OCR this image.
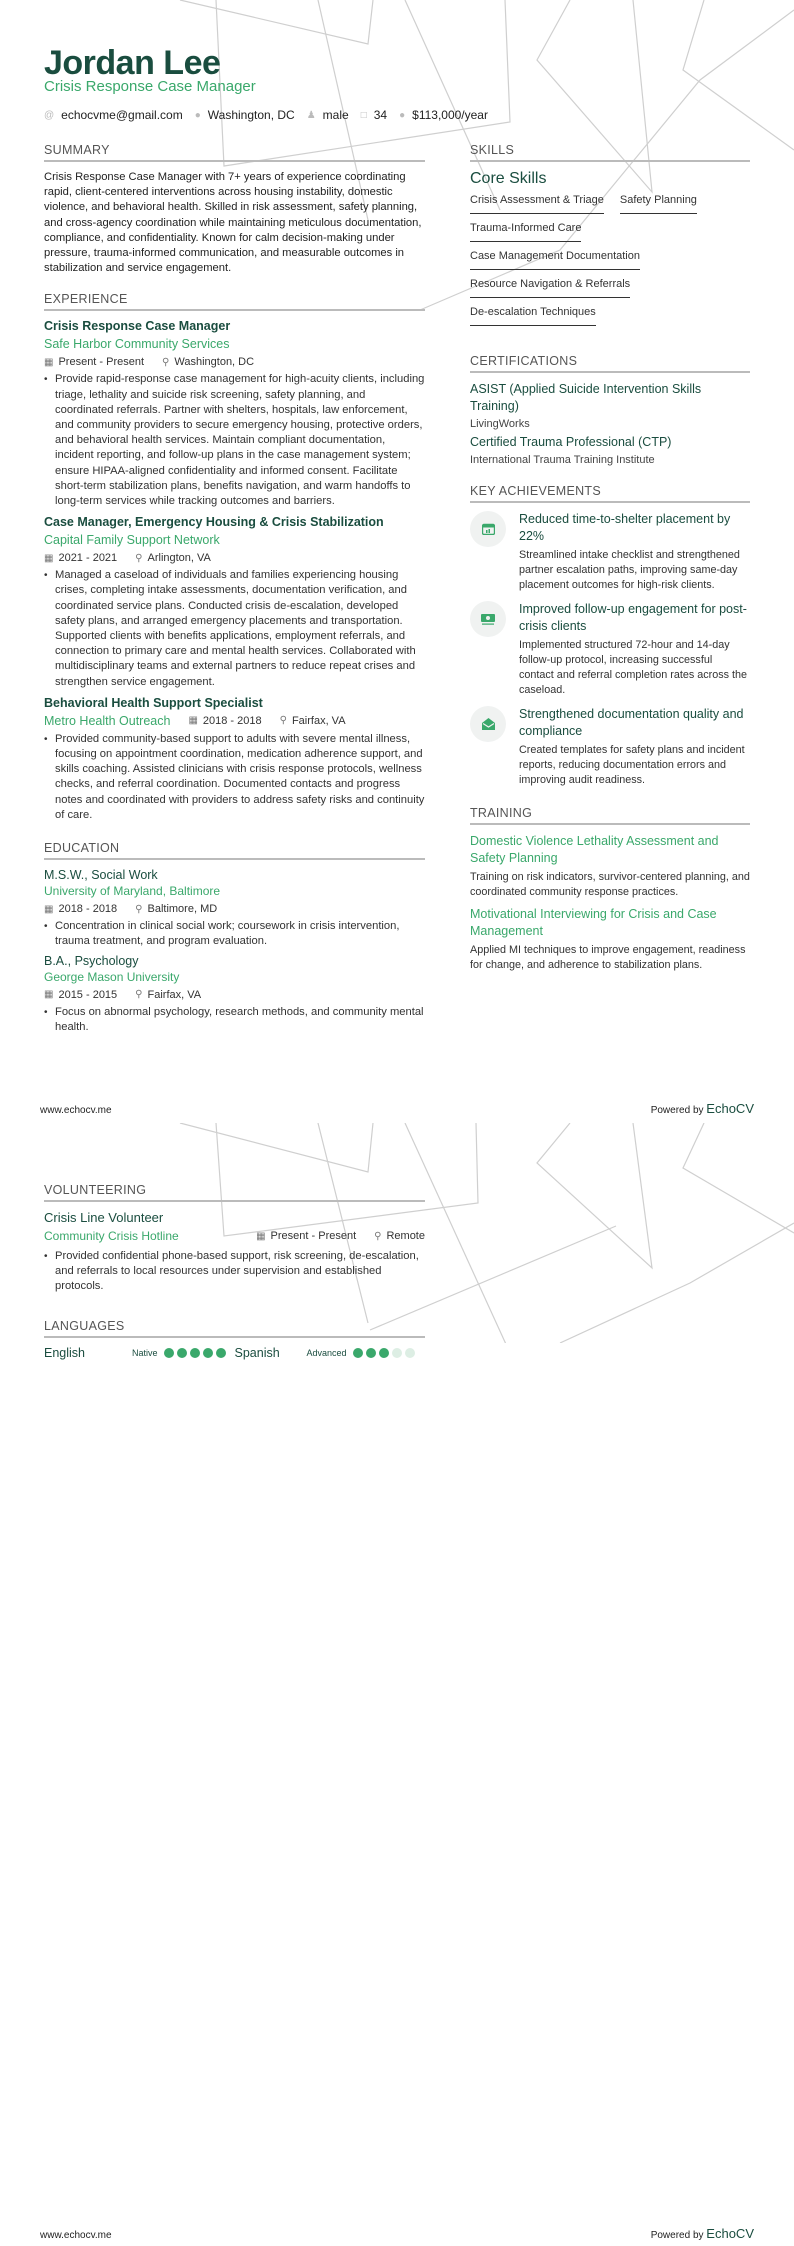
Jordan Lee
Crisis Response Case Manager
@ echocvme@gmail.com ● Washington, DC ♟ male □ 34 ● $113,000/year
SUMMARY
Crisis Response Case Manager with 7+ years of experience coordinating rapid, client-centered interventions across housing instability, domestic violence, and behavioral health. Skilled in risk assessment, safety planning, and cross-agency coordination while maintaining meticulous documentation, compliance, and confidentiality. Known for calm decision-making under pressure, trauma-informed communication, and measurable outcomes in stabilization and service engagement.
EXPERIENCE
Crisis Response Case Manager
Safe Harbor Community Services
▦ Present - Present ⚲ Washington, DC
• Provide rapid-response case management for high-acuity clients, including triage, lethality and suicide risk screening, safety planning, and coordinated referrals. Partner with shelters, hospitals, law enforcement, and community providers to secure emergency housing, protective orders, and behavioral health services. Maintain compliant documentation, incident reporting, and follow-up plans in the case management system; ensure HIPAA-aligned confidentiality and informed consent. Facilitate short-term stabilization plans, benefits navigation, and warm handoffs to long-term services while tracking outcomes and barriers.
Case Manager, Emergency Housing & Crisis Stabilization
Capital Family Support Network
▦ 2021 - 2021 ⚲ Arlington, VA
• Managed a caseload of individuals and families experiencing housing crises, completing intake assessments, documentation verification, and coordinated service plans. Conducted crisis de-escalation, developed safety plans, and arranged emergency placements and transportation. Supported clients with benefits applications, employment referrals, and connection to primary care and mental health services. Collaborated with multidisciplinary teams and external partners to reduce repeat crises and strengthen service engagement.
Behavioral Health Support Specialist
Metro Health Outreach ▦ 2018 - 2018 ⚲ Fairfax, VA
• Provided community-based support to adults with severe mental illness, focusing on appointment coordination, medication adherence support, and skills coaching. Assisted clinicians with crisis response protocols, wellness checks, and referral coordination. Documented contacts and progress notes and coordinated with providers to address safety risks and continuity of care.
EDUCATION
M.S.W., Social Work
University of Maryland, Baltimore
▦ 2018 - 2018 ⚲ Baltimore, MD
• Concentration in clinical social work; coursework in crisis intervention, trauma treatment, and program evaluation.
B.A., Psychology
George Mason University
▦ 2015 - 2015 ⚲ Fairfax, VA
• Focus on abnormal psychology, research methods, and community mental health.
SKILLS
Core Skills
Crisis Assessment & Triage Safety Planning
Trauma-Informed Care
Case Management Documentation
Resource Navigation & Referrals
De-escalation Techniques
CERTIFICATIONS
ASIST (Applied Suicide Intervention Skills Training)
LivingWorks
Certified Trauma Professional (CTP)
International Trauma Training Institute
KEY ACHIEVEMENTS
Reduced time-to-shelter placement by 22%
Streamlined intake checklist and strengthened partner escalation paths, improving same-day placement outcomes for high-risk clients.
Improved follow-up engagement for post-crisis clients
Implemented structured 72-hour and 14-day follow-up protocol, increasing successful contact and referral completion rates across the caseload.
Strengthened documentation quality and compliance
Created templates for safety plans and incident reports, reducing documentation errors and improving audit readiness.
TRAINING
Domestic Violence Lethality Assessment and Safety Planning
Training on risk indicators, survivor-centered planning, and coordinated community response practices.
Motivational Interviewing for Crisis and Case Management
Applied MI techniques to improve engagement, readiness for change, and adherence to stabilization plans.
www.echocv.me	Powered by EchoCV
VOLUNTEERING
Crisis Line Volunteer
Community Crisis Hotline	▦ Present - Present ⚲ Remote
• Provided confidential phone-based support, risk screening, de-escalation, and referrals to local resources under supervision and established protocols.
LANGUAGES
English	Native	Spanish	Advanced
www.echocv.me	Powered by EchoCV
